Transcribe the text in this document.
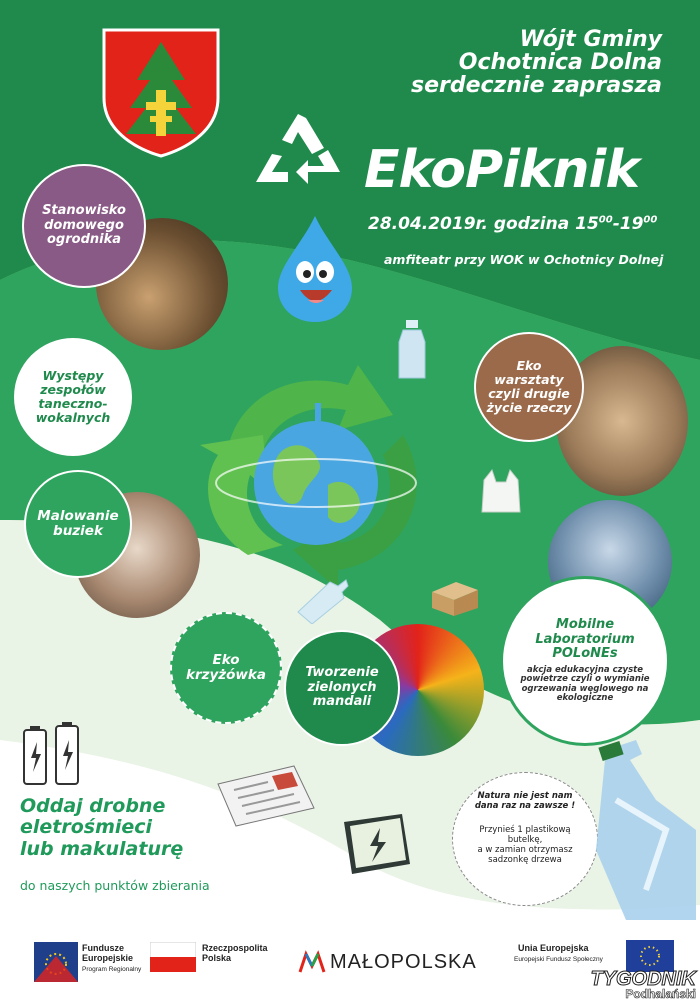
Wójt Gminy
Ochotnica Dolna
serdecznie zaprasza
EkoPiknik
28.04.2019r. godzina $15^{00}-19^{00}$
amfiteatr przy WOK w Ochotnicy Dolnej
Stanowisko
domowego
ogrodnika
Występy
zespołów
taneczno-
wokalnych
Malowanie
buziek
Eko
krzyżówka	Tworzenie
zielonych
mandali
Eko
warsztaty
czyli drugie
życie rzeczy
Mobilne
Laboratorium
POLoNEs
akcja edukacyjna czyste
powietrze czyli o wymianie
ogrzewania węglowego na
ekologiczne
Oddaj drobne
eletrośmieci
lub makulaturę
do naszych punktów zbierania
Natura nie jest nam
dana raz na zawsze !
Przynieś 1 plastikową
butelkę,
a w zamian otrzymasz
sadzonkę drzewa
Fundusze
Europejskie
Program Regionalny
Rzeczpospolita
Polska	MAŁOPOLSKA
Unia Europejska
Europejski Fundusz Społeczny
TYGODNIK
Podhalański
